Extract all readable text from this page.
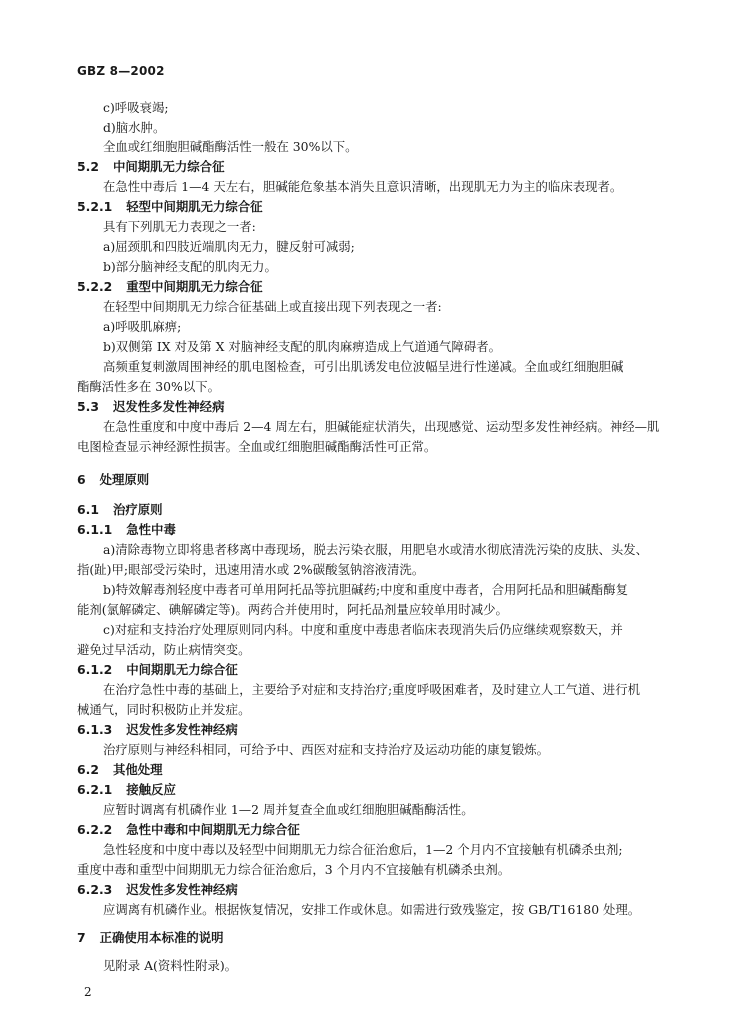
GBZ 8—2002
c)呼吸衰竭;
d)脑水肿。
全血或红细胞胆碱酯酶活性一般在 30%以下。
5.2 中间期肌无力综合征
在急性中毒后 1—4 天左右，胆碱能危象基本消失且意识清晰，出现肌无力为主的临床表现者。
5.2.1 轻型中间期肌无力综合征
具有下列肌无力表现之一者:
a)屈颈肌和四肢近端肌肉无力，腱反射可减弱;
b)部分脑神经支配的肌肉无力。
5.2.2 重型中间期肌无力综合征
在轻型中间期肌无力综合征基础上或直接出现下列表现之一者:
a)呼吸肌麻痹;
b)双侧第 IX 对及第 X 对脑神经支配的肌肉麻痹造成上气道通气障碍者。
高频重复刺激周围神经的肌电图检查，可引出肌诱发电位波幅呈进行性递减。全血或红细胞胆碱
酯酶活性多在 30%以下。
5.3 迟发性多发性神经病
在急性重度和中度中毒后 2—4 周左右，胆碱能症状消失，出现感觉、运动型多发性神经病。神经—肌
电图检查显示神经源性损害。全血或红细胞胆碱酯酶活性可正常。
6 处理原则
6.1 治疗原则
6.1.1 急性中毒
a)清除毒物立即将患者移离中毒现场，脱去污染衣服，用肥皂水或清水彻底清洗污染的皮肤、头发、
指(趾)甲;眼部受污染时，迅速用清水或 2%碳酸氢钠溶液清洗。
b)特效解毒剂轻度中毒者可单用阿托品等抗胆碱药;中度和重度中毒者，合用阿托品和胆碱酯酶复
能剂(氯解磷定、碘解磷定等)。两药合并使用时，阿托品剂量应较单用时减少。
c)对症和支持治疗处理原则同内科。中度和重度中毒患者临床表现消失后仍应继续观察数天，并
避免过早活动，防止病情突变。
6.1.2 中间期肌无力综合征
在治疗急性中毒的基础上，主要给予对症和支持治疗;重度呼吸困难者，及时建立人工气道、进行机
械通气，同时积极防止并发症。
6.1.3 迟发性多发性神经病
治疗原则与神经科相同，可给予中、西医对症和支持治疗及运动功能的康复锻炼。
6.2 其他处理
6.2.1 接触反应
应暂时调离有机磷作业 1—2 周并复查全血或红细胞胆碱酯酶活性。
6.2.2 急性中毒和中间期肌无力综合征
急性轻度和中度中毒以及轻型中间期肌无力综合征治愈后，1—2 个月内不宜接触有机磷杀虫剂;
重度中毒和重型中间期肌无力综合征治愈后，3 个月内不宜接触有机磷杀虫剂。
6.2.3 迟发性多发性神经病
应调离有机磷作业。根据恢复情况，安排工作或休息。如需进行致残鉴定，按 GB/T16180 处理。
7 正确使用本标准的说明
见附录 A(资料性附录)。
2
